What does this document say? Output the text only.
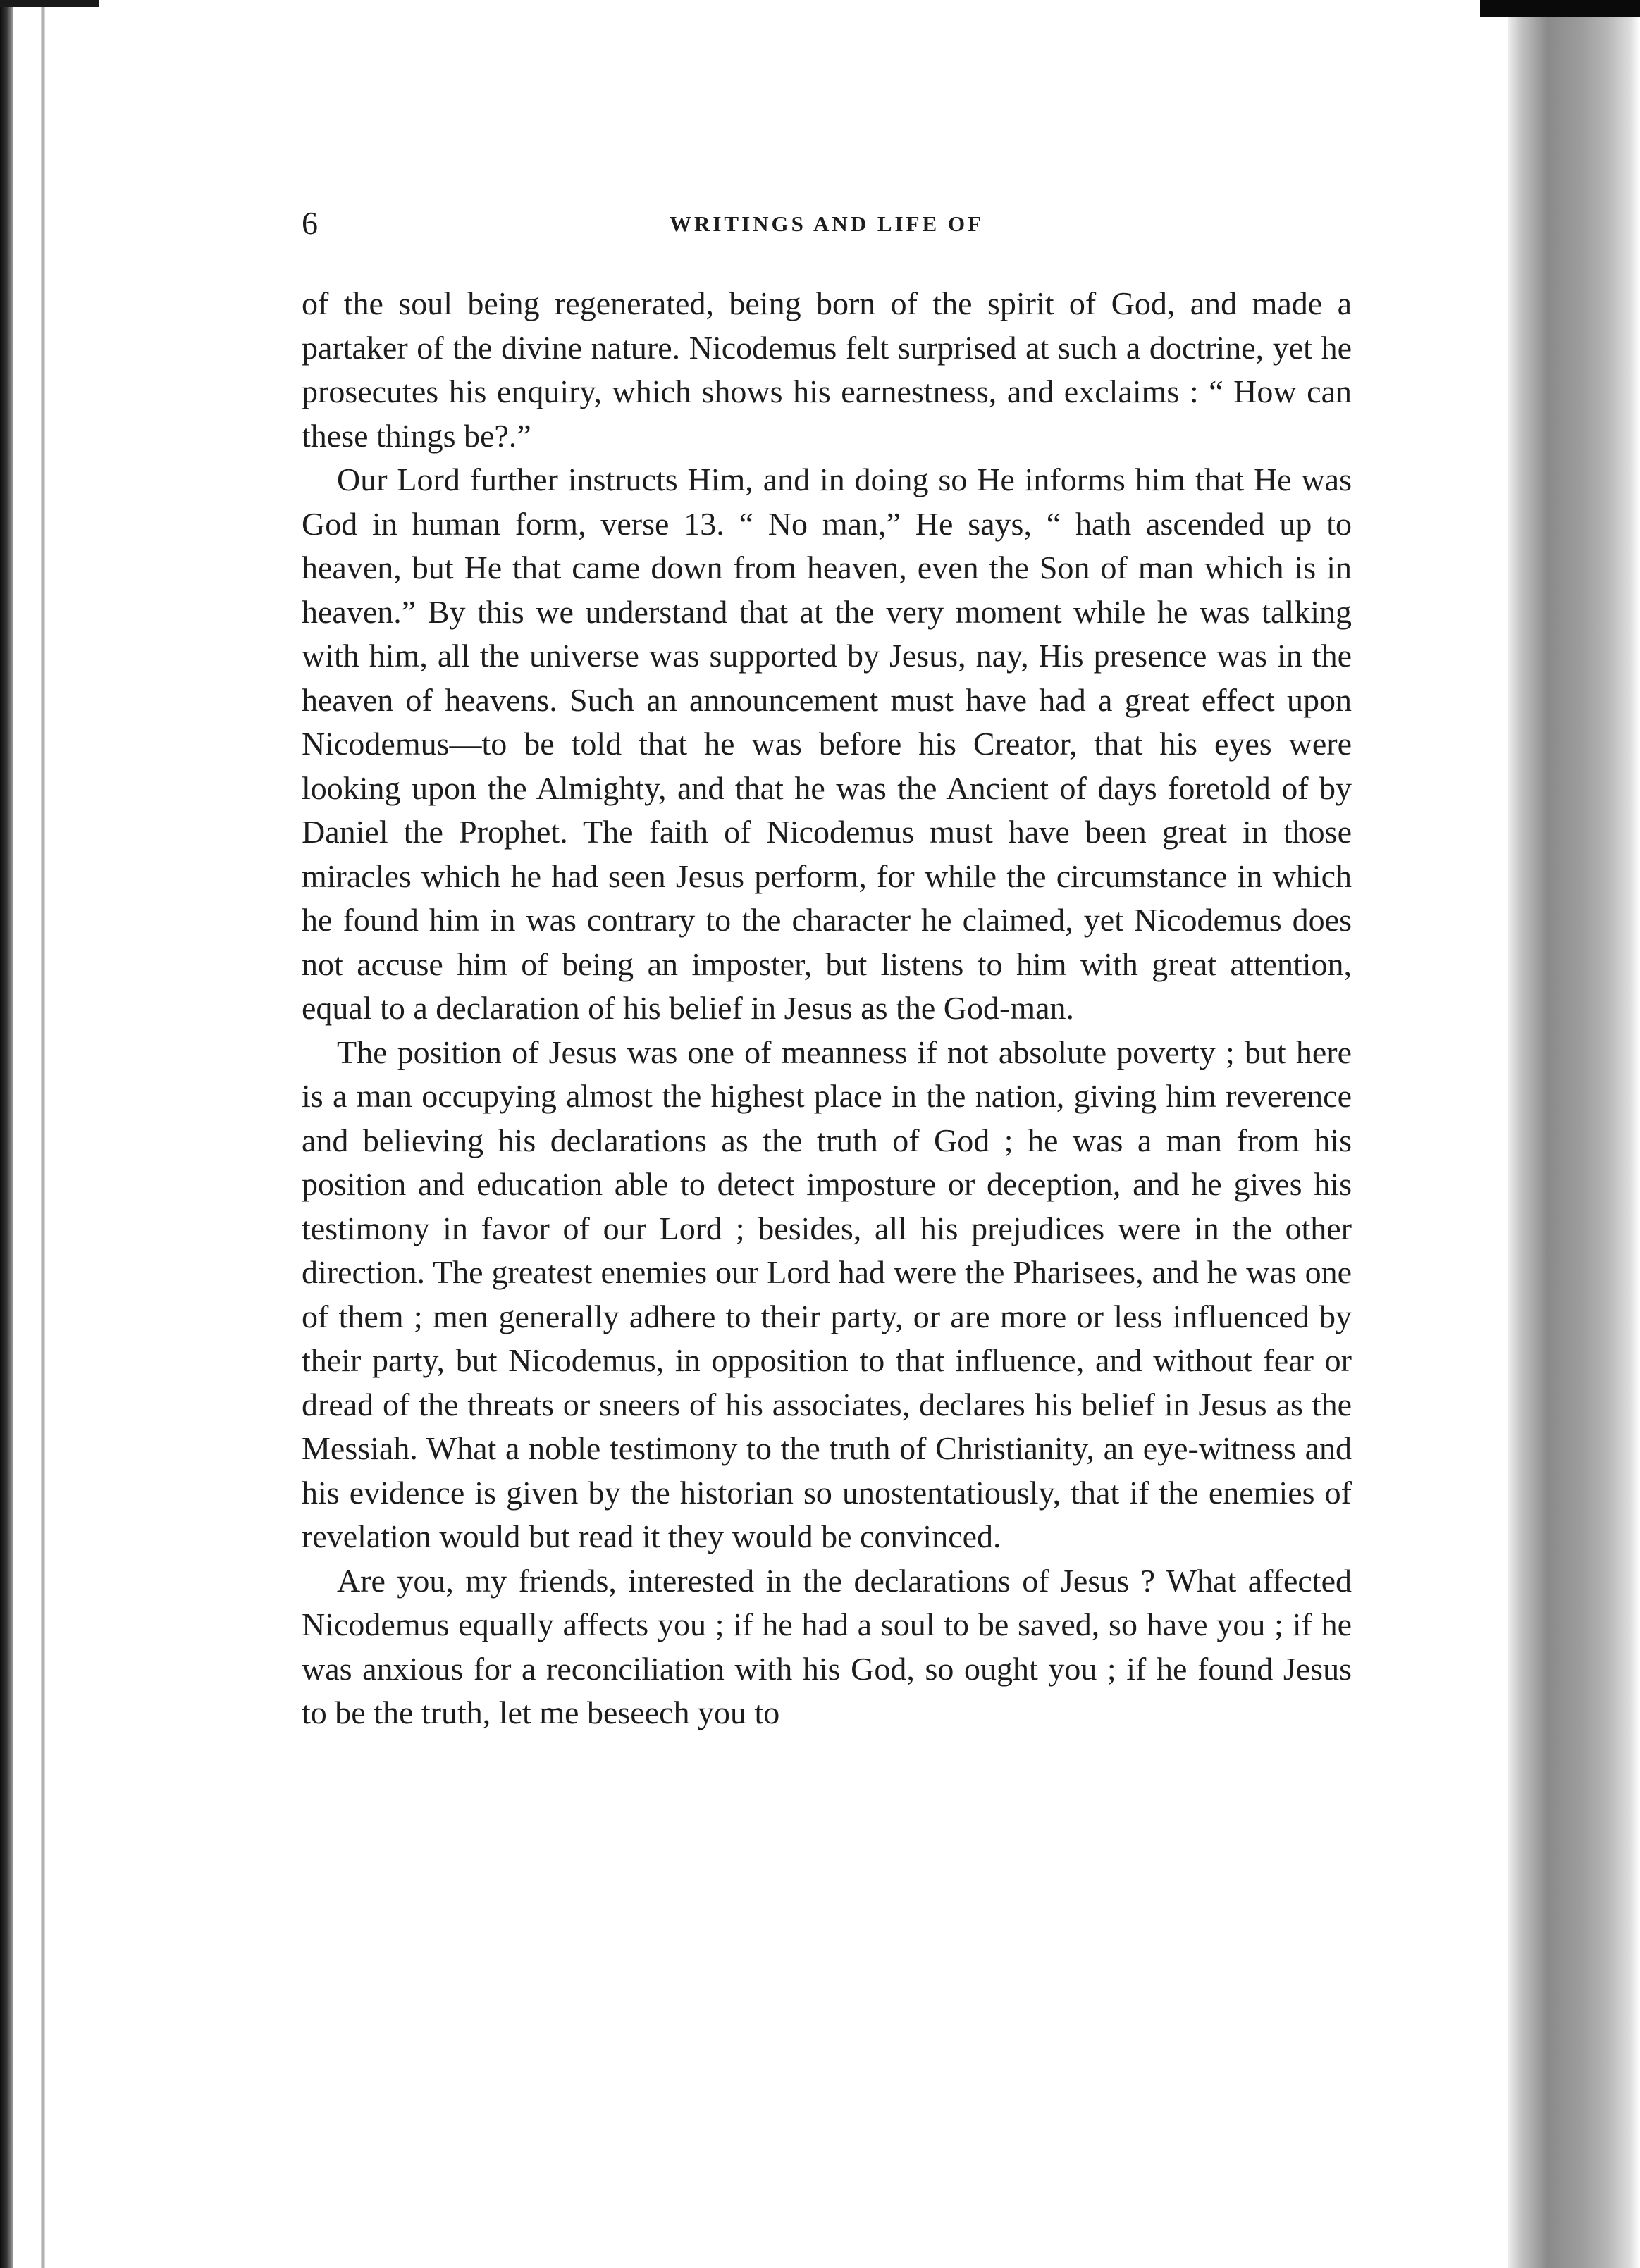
6	WRITINGS AND LIFE OF

of the soul being regenerated, being born of the spirit of God, and made a partaker of the divine nature. Nicodemus felt surprised at such a doctrine, yet he prosecutes his enquiry, which shows his earnestness, and exclaims : “ How can these things be?.”

Our Lord further instructs Him, and in doing so He informs him that He was God in human form, verse 13. “ No man,” He says, “ hath ascended up to heaven, but He that came down from heaven, even the Son of man which is in heaven.” By this we understand that at the very moment while he was talking with him, all the universe was supported by Jesus, nay, His presence was in the heaven of heavens. Such an announcement must have had a great effect upon Nicodemus—to be told that he was before his Creator, that his eyes were looking upon the Almighty, and that he was the Ancient of days foretold of by Daniel the Prophet. The faith of Nicodemus must have been great in those miracles which he had seen Jesus perform, for while the circumstance in which he found him in was contrary to the character he claimed, yet Nicodemus does not accuse him of being an imposter, but listens to him with great attention, equal to a declaration of his belief in Jesus as the God-man.

The position of Jesus was one of meanness if not absolute poverty ; but here is a man occupying almost the highest place in the nation, giving him reverence and believing his declarations as the truth of God ; he was a man from his position and education able to detect imposture or deception, and he gives his testimony in favor of our Lord ; besides, all his prejudices were in the other direction. The greatest enemies our Lord had were the Pharisees, and he was one of them ; men generally adhere to their party, or are more or less influenced by their party, but Nicodemus, in opposition to that influence, and without fear or dread of the threats or sneers of his associates, declares his belief in Jesus as the Messiah. What a noble testimony to the truth of Christianity, an eye-witness and his evidence is given by the historian so unostentatiously, that if the enemies of revelation would but read it they would be convinced.

Are you, my friends, interested in the declarations of Jesus ? What affected Nicodemus equally affects you ; if he had a soul to be saved, so have you ; if he was anxious for a reconciliation with his God, so ought you ; if he found Jesus to be the truth, let me beseech you to
